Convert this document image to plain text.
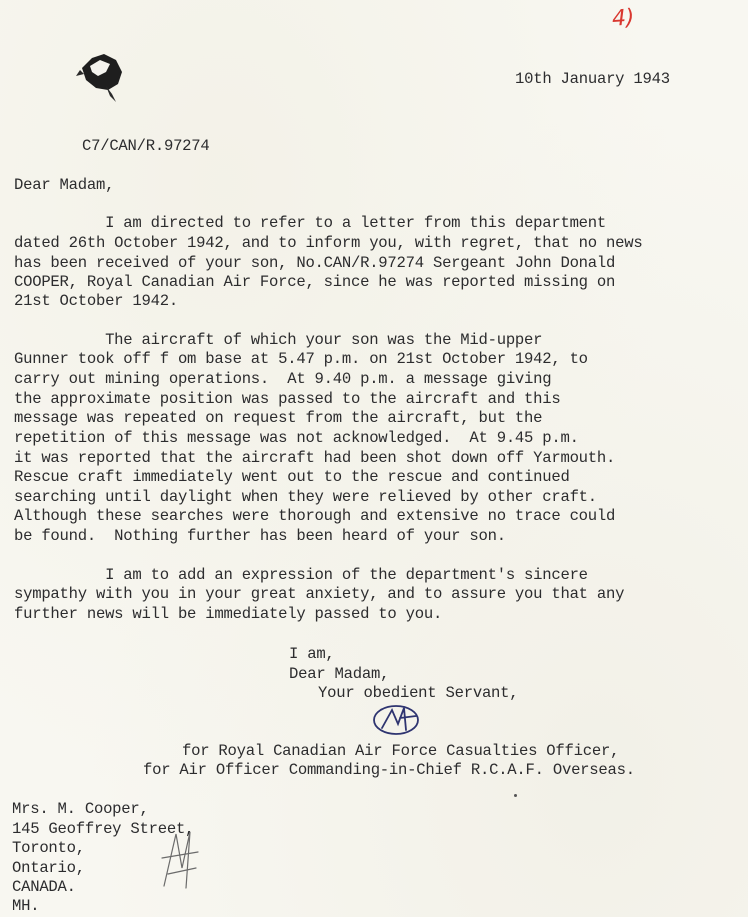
4)
10th January 1943
C7/CAN/R.97274
Dear Madam,
I am directed to refer to a letter from this department
dated 26th October 1942, and to inform you, with regret, that no news
has been received of your son, No.CAN/R.97274 Sergeant John Donald
COOPER, Royal Canadian Air Force, since he was reported missing on
21st October 1942.
The aircraft of which your son was the Mid-upper
Gunner took off f om base at 5.47 p.m. on 21st October 1942, to
carry out mining operations.  At 9.40 p.m. a message giving
the approximate position was passed to the aircraft and this
message was repeated on request from the aircraft, but the
repetition of this message was not acknowledged.  At 9.45 p.m.
it was reported that the aircraft had been shot down off Yarmouth.
Rescue craft immediately went out to the rescue and continued
searching until daylight when they were relieved by other craft.
Although these searches were thorough and extensive no trace could
be found.  Nothing further has been heard of your son.
I am to add an expression of the department's sincere
sympathy with you in your great anxiety, and to assure you that any
further news will be immediately passed to you.
I am,
Dear Madam,
Your obedient Servant,
for Royal Canadian Air Force Casualties Officer,
for Air Officer Commanding-in-Chief R.C.A.F. Overseas.
Mrs. M. Cooper,
145 Geoffrey Street,
Toronto,
Ontario,
CANADA.
MH.
